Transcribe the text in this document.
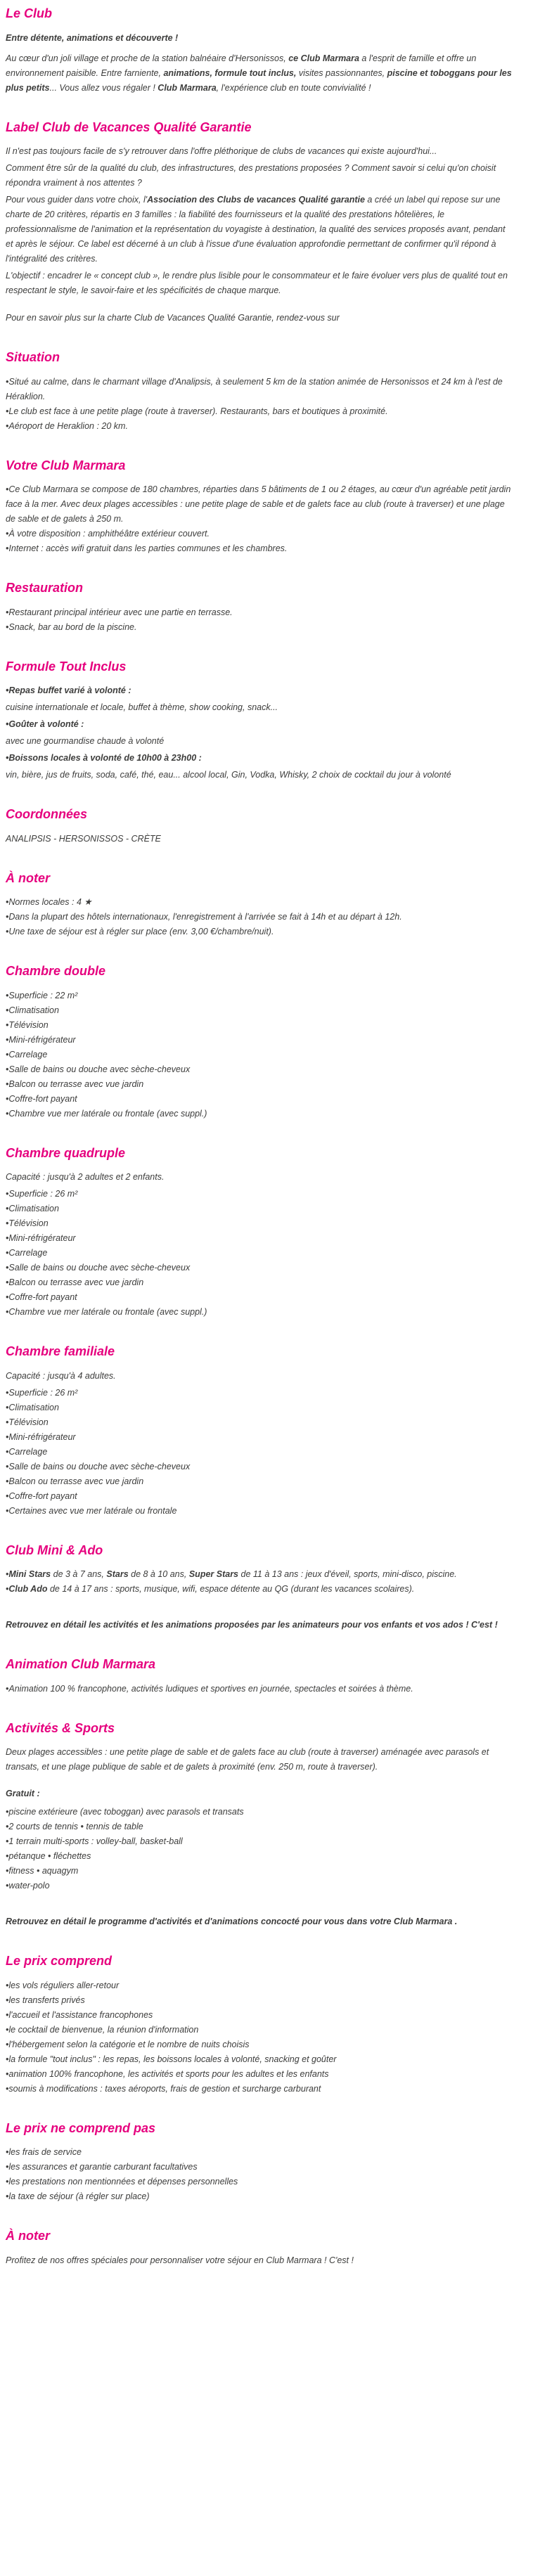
Le Club

Entre détente, animations et découverte !

Au cœur d'un joli village et proche de la station balnéaire d'Hersonissos, ce Club Marmara a l'esprit de famille et offre un environnement paisible. Entre farniente, animations, formule tout inclus, visites passionnantes, piscine et toboggans pour les plus petits... Vous allez vous régaler ! Club Marmara, l'expérience club en toute convivialité !

Label Club de Vacances Qualité Garantie

Il n'est pas toujours facile de s'y retrouver dans l'offre pléthorique de clubs de vacances qui existe aujourd'hui...

Comment être sûr de la qualité du club, des infrastructures, des prestations proposées ? Comment savoir si celui qu'on choisit répondra vraiment à nos attentes ?

Pour vous guider dans votre choix, l'Association des Clubs de vacances Qualité garantie a créé un label qui repose sur une charte de 20 critères, répartis en 3 familles : la fiabilité des fournisseurs et la qualité des prestations hôtelières, le professionnalisme de l'animation et la représentation du voyagiste à destination, la qualité des services proposés avant, pendant et après le séjour. Ce label est décerné à un club à l'issue d'une évaluation approfondie permettant de confirmer qu'il répond à l'intégralité des critères.

L'objectif : encadrer le « concept club », le rendre plus lisible pour le consommateur et le faire évoluer vers plus de qualité tout en respectant le style, le savoir-faire et les spécificités de chaque marque.

Pour en savoir plus sur la charte Club de Vacances Qualité Garantie, rendez-vous sur

Situation
• Situé au calme, dans le charmant village d'Analipsis, à seulement 5 km de la station animée de Hersonissos et 24 km à l'est de Héraklion.
• Le club est face à une petite plage (route à traverser). Restaurants, bars et boutiques à proximité.
• Aéroport de Heraklion : 20 km.
Votre Club Marmara
• Ce Club Marmara se compose de 180 chambres, réparties dans 5 bâtiments de 1 ou 2 étages, au cœur d'un agréable petit jardin face à la mer. Avec deux plages accessibles : une petite plage de sable et de galets face au club (route à traverser) et une plage de sable et de galets à 250 m.
• À votre disposition : amphithéâtre extérieur couvert.
• Internet : accès wifi gratuit dans les parties communes et les chambres.
Restauration
• Restaurant principal intérieur avec une partie en terrasse.
• Snack, bar au bord de la piscine.
Formule Tout Inclus
• Repas buffet varié à volonté :

cuisine internationale et locale, buffet à thème, show cooking, snack...

• Goûter à volonté :

avec une gourmandise chaude à volonté

• Boissons locales à volonté de 10h00 à 23h00 :

vin, bière, jus de fruits, soda, café, thé, eau... alcool local, Gin, Vodka, Whisky, 2 choix de cocktail du jour à volonté

Coordonnées

ANALIPSIS - HERSONISSOS - CRÈTE

À noter
• Normes locales : 4 ★
• Dans la plupart des hôtels internationaux, l'enregistrement à l'arrivée se fait à 14h et au départ à 12h.
• Une taxe de séjour est à régler sur place (env. 3,00 €/chambre/nuit).
Chambre double
• Superficie : 22 m²
• Climatisation
• Télévision
• Mini-réfrigérateur
• Carrelage
• Salle de bains ou douche avec sèche-cheveux
• Balcon ou terrasse avec vue jardin
• Coffre-fort payant
• Chambre vue mer latérale ou frontale (avec suppl.)
Chambre quadruple

Capacité : jusqu'à 2 adultes et 2 enfants.

• Superficie : 26 m²
• Climatisation
• Télévision
• Mini-réfrigérateur
• Carrelage
• Salle de bains ou douche avec sèche-cheveux
• Balcon ou terrasse avec vue jardin
• Coffre-fort payant
• Chambre vue mer latérale ou frontale (avec suppl.)
Chambre familiale

Capacité : jusqu'à 4 adultes.

• Superficie : 26 m²
• Climatisation
• Télévision
• Mini-réfrigérateur
• Carrelage
• Salle de bains ou douche avec sèche-cheveux
• Balcon ou terrasse avec vue jardin
• Coffre-fort payant
• Certaines avec vue mer latérale ou frontale
Club Mini & Ado
• Mini Stars de 3 à 7 ans, Stars de 8 à 10 ans, Super Stars de 11 à 13 ans : jeux d'éveil, sports, mini-disco, piscine.
• Club Ado de 14 à 17 ans : sports, musique, wifi, espace détente au QG (durant les vacances scolaires).

Retrouvez en détail les activités et les animations proposées par les animateurs pour vos enfants et vos ados ! C'est !

Animation Club Marmara
• Animation 100 % francophone, activités ludiques et sportives en journée, spectacles et soirées à thème.
Activités & Sports

Deux plages accessibles : une petite plage de sable et de galets face au club (route à traverser) aménagée avec parasols et transats, et une plage publique de sable et de galets à proximité (env. 250 m, route à traverser).

Gratuit :

• piscine extérieure (avec toboggan) avec parasols et transats
• 2 courts de tennis • tennis de table
• 1 terrain multi-sports : volley-ball, basket-ball
• pétanque • fléchettes
• fitness • aquagym
• water-polo

Retrouvez en détail le programme d'activités et d'animations concocté pour vous dans votre Club Marmara .

Le prix comprend
• les vols réguliers aller-retour
• les transferts privés
• l'accueil et l'assistance francophones
• le cocktail de bienvenue, la réunion d'information
• l'hébergement selon la catégorie et le nombre de nuits choisis
• la formule "tout inclus" : les repas, les boissons locales à volonté, snacking et goûter
• animation 100% francophone, les activités et sports pour les adultes et les enfants
• soumis à modifications : taxes aéroports, frais de gestion et surcharge carburant
Le prix ne comprend pas
• les frais de service
• les assurances et garantie carburant facultatives
• les prestations non mentionnées et dépenses personnelles
• la taxe de séjour (à régler sur place)
À noter

Profitez de nos offres spéciales pour personnaliser votre séjour en Club Marmara ! C'est !
